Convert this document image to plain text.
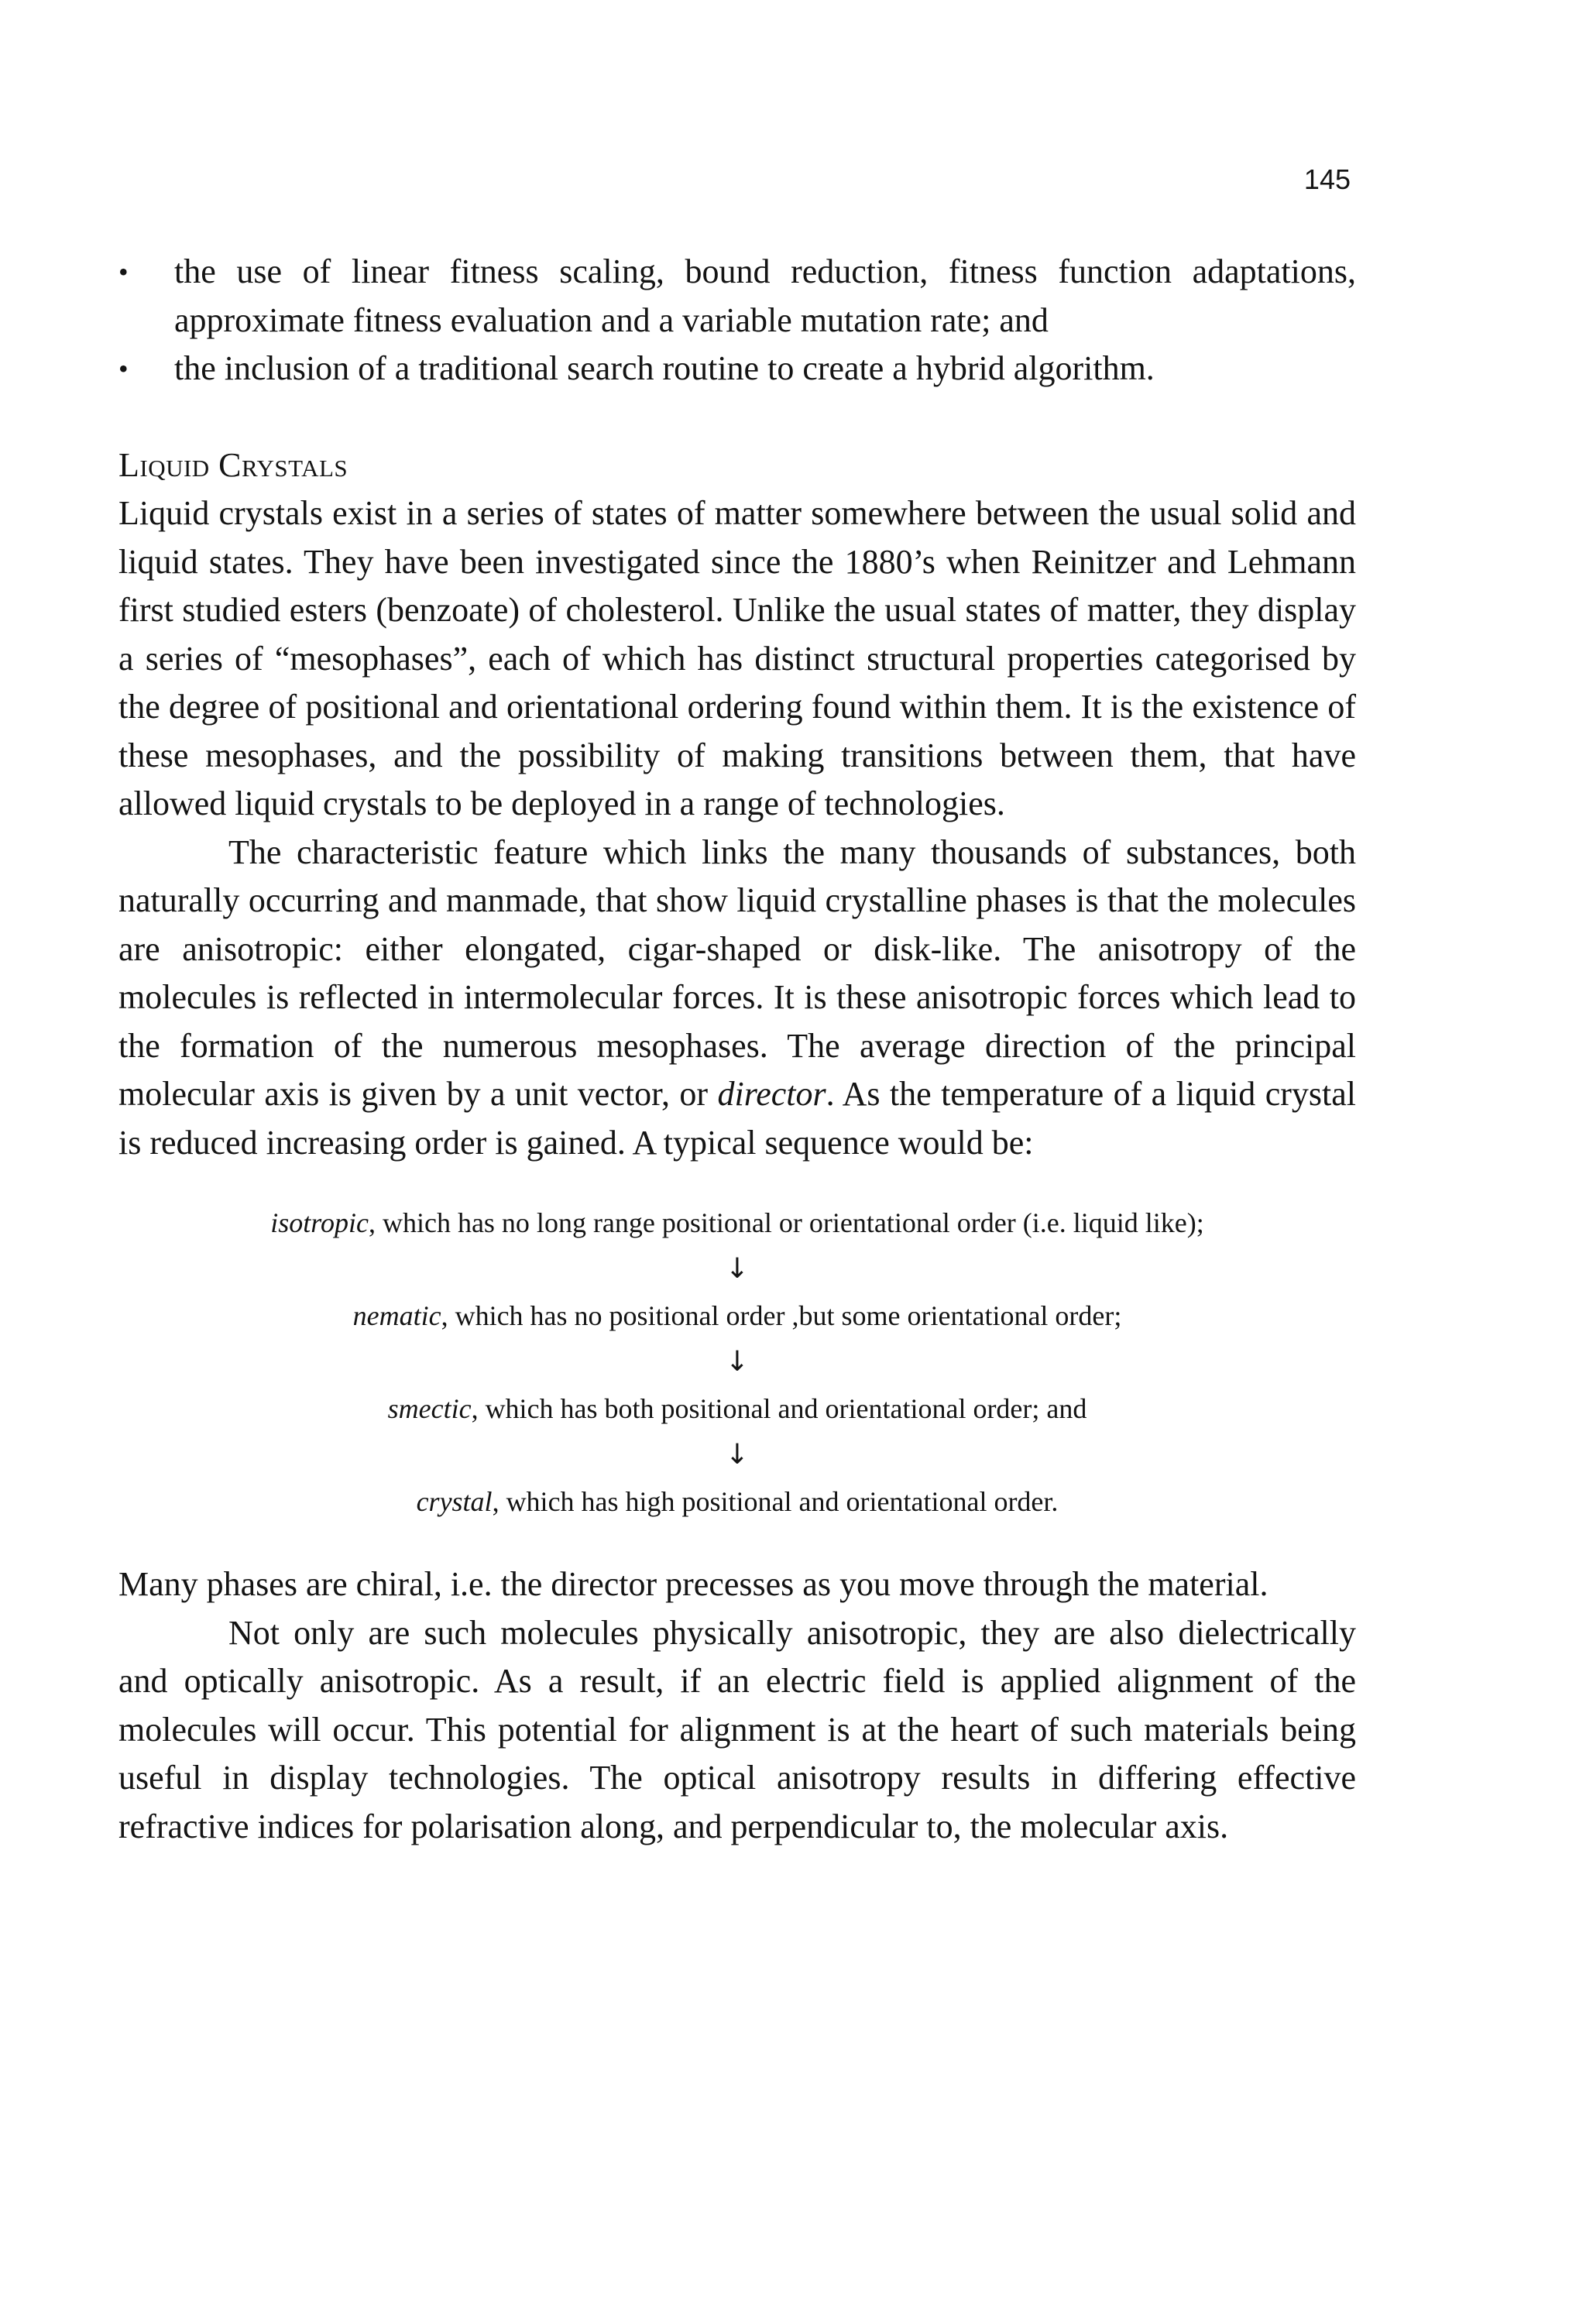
145
• the use of linear fitness scaling, bound reduction, fitness function adaptations, approximate fitness evaluation and a variable mutation rate; and
• the inclusion of a traditional search routine to create a hybrid algorithm.
Liquid Crystals

Liquid crystals exist in a series of states of matter somewhere between the usual solid and liquid states. They have been investigated since the 1880’s when Reinitzer and Lehmann first studied esters (benzoate) of cholesterol. Unlike the usual states of matter, they display a series of “mesophases”, each of which has distinct structural properties categorised by the degree of positional and orientational ordering found within them. It is the existence of these mesophases, and the possibility of making transitions between them, that have allowed liquid crystals to be deployed in a range of technologies.

The characteristic feature which links the many thousands of substances, both naturally occurring and manmade, that show liquid crystalline phases is that the molecules are anisotropic: either elongated, cigar-shaped or disk-like. The anisotropy of the molecules is reflected in intermolecular forces. It is these anisotropic forces which lead to the formation of the numerous mesophases. The average direction of the principal molecular axis is given by a unit vector, or director. As the temperature of a liquid crystal is reduced increasing order is gained. A typical sequence would be:

isotropic, which has no long range positional or orientational order (i.e. liquid like);

↓

nematic, which has no positional order ,but some orientational order;

↓

smectic, which has both positional and orientational order; and

↓

crystal, which has high positional and orientational order.

Many phases are chiral, i.e. the director precesses as you move through the material.

Not only are such molecules physically anisotropic, they are also dielectrically and optically anisotropic. As a result, if an electric field is applied alignment of the molecules will occur. This potential for alignment is at the heart of such materials being useful in display technologies. The optical anisotropy results in differing effective refractive indices for polarisation along, and perpendicular to, the molecular axis.
